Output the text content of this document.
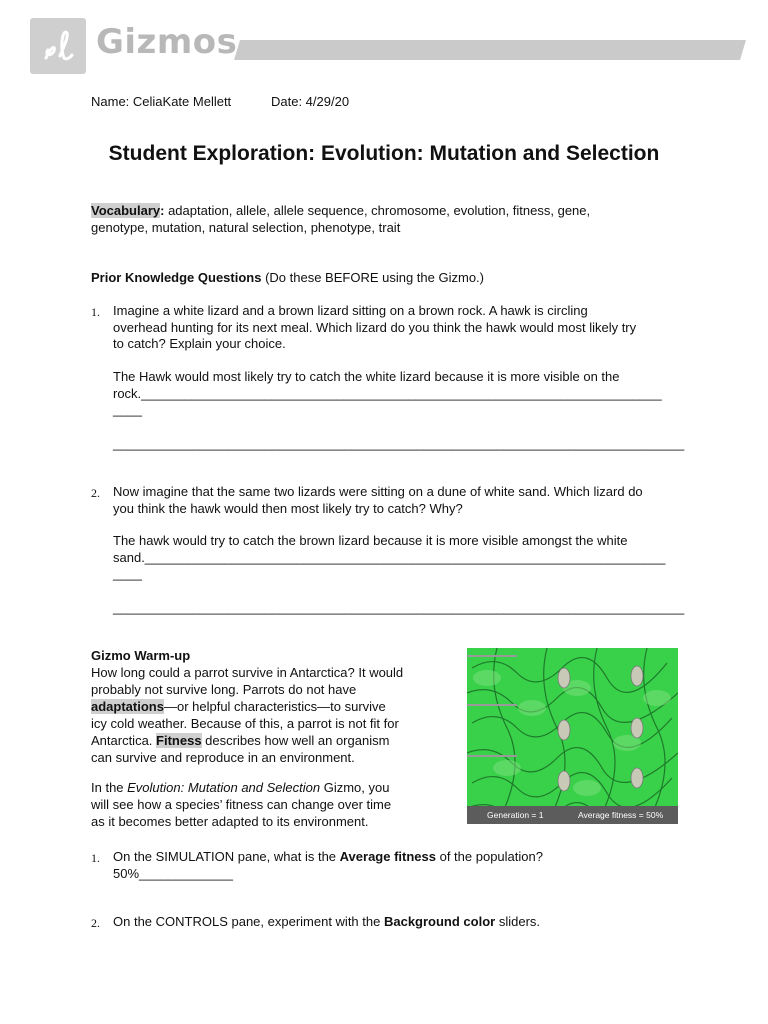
Gizmos
Name: CeliaKate Mellett	Date: 4/29/20
Student Exploration: Evolution: Mutation and Selection
Vocabulary: adaptation, allele, allele sequence, chromosome, evolution, fitness, gene,
genotype, mutation, natural selection, phenotype, trait
Prior Knowledge Questions (Do these BEFORE using the Gizmo.)
1. Imagine a white lizard and a brown lizard sitting on a brown rock. A hawk is circling
overhead hunting for its next meal. Which lizard do you think the hawk would most likely try
to catch? Explain your choice.
The Hawk would most likely try to catch the white lizard because it is more visible on the
rock.________________________________________________________________________
____
_______________________________________________________________________________
2. Now imagine that the same two lizards were sitting on a dune of white sand. Which lizard do
you think the hawk would then most likely try to catch? Why?
The hawk would try to catch the brown lizard because it is more visible amongst the white
sand.________________________________________________________________________
____
_______________________________________________________________________________
Gizmo Warm-up
How long could a parrot survive in Antarctica? It would
probably not survive long. Parrots do not have
adaptations—or helpful characteristics—to survive
icy cold weather. Because of this, a parrot is not fit for
Antarctica. Fitness describes how well an organism
can survive and reproduce in an environment.
In the Evolution: Mutation and Selection Gizmo, you
will see how a species’ fitness can change over time
as it becomes better adapted to its environment.	Generation = 1	Average fitness = 50%
1. On the SIMULATION pane, what is the Average fitness of the population?
50%_____________
2. On the CONTROLS pane, experiment with the Background color sliders.
